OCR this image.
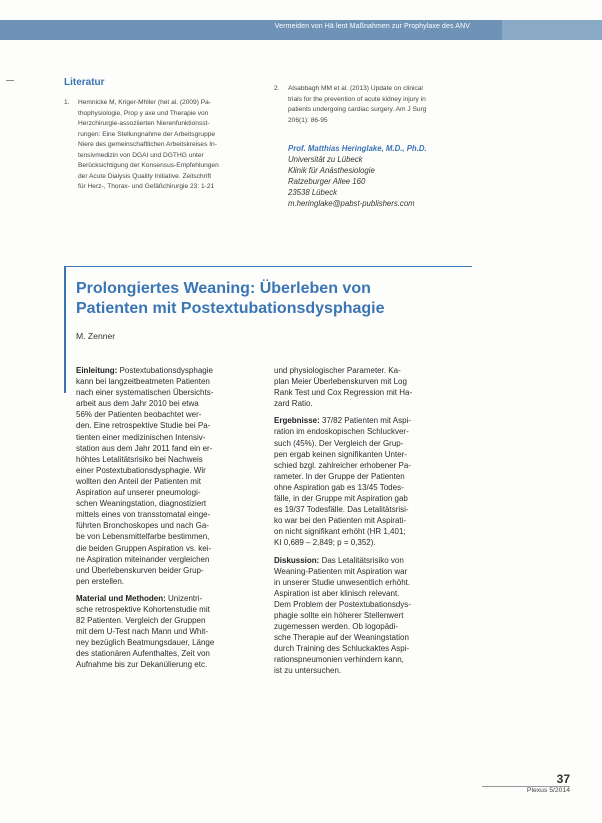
Vermeiden von Hä lent Maßnahmen zur Prophylaxe des ANV
Literatur
1. Hemnicke M, Kriger-Mhller (het al. (2009) Pa-
thophysiologie, Prop y axe und Therapie von
Herzchirurgie-assoziierten Nierenfunktionsst-
rungen: Eine Stellungnahme der Arbeitsgruppe
Niere des gemeinschaftlichen Arbeitskreises In-
tensivmedizin von DGAI und DGTHG unter
Berücksichtigung der Konsensus-Empfehlungen
der Acute Dialysis Quality Initiative. Zeitschrift
für Herz-, Thorax- und Gefäßchirurgie 23: 1-21
2. Alsabbagh MM et al. (2013) Update on clinical
trials for the prevention of acute kidney injury in
patients undergoing cardiac surgery. Am J Surg
206(1): 86-95
Prof. Matthias Heringlake, M.D., Ph.D.
Universität zu Lübeck
Klinik für Anästhesiologie
Ratzeburger Allee 160
23538 Lübeck
m.heringlake@pabst-publishers.com
Prolongiertes Weaning: Überleben von
Patienten mit Postextubationsdysphagie
M. Zenner
Einleitung: Postextubationsdysphagie
kann bei langzeitbeatmeten Patienten
nach einer systematischen Übersichts-
arbeit aus dem Jahr 2010 bei etwa
56% der Patienten beobachtet wer-
den. Eine retrospektive Studie bei Pa-
tienten einer medizinischen Intensiv-
station aus dem Jahr 2011 fand ein er-
höhtes Letalitätsrisiko bei Nachweis
einer Postextubationsdysphagie. Wir
wollten den Anteil der Patienten mit
Aspiration auf unserer pneumologi-
schen Weaningstation, diagnostiziert
mittels eines von transstomatal einge-
führten Bronchoskopes und nach Ga-
be von Lebensmittelfarbe bestimmen,
die beiden Gruppen Aspiration vs. kei-
ne Aspiration miteinander vergleichen
und Überlebenskurven beider Grup-
pen erstellen.
Material und Methoden: Unizentri-
sche retrospektive Kohortenstudie mit
82 Patienten. Vergleich der Gruppen
mit dem U-Test nach Mann und Whit-
ney bezüglich Beatmungsdauer, Länge
des stationären Aufenthaltes, Zeit von
Aufnahme bis zur Dekanülierung etc.
und physiologischer Parameter. Ka-
plan Meier Überlebenskurven mit Log
Rank Test und Cox Regression mit Ha-
zard Ratio.
Ergebnisse: 37/82 Patienten mit Aspi-
ration im endoskopischen Schluckver-
such (45%). Der Vergleich der Grup-
pen ergab keinen signifikanten Unter-
schied bzgl. zahlreicher erhobener Pa-
rameter. In der Gruppe der Patienten
ohne Aspiration gab es 13/45 Todes-
fälle, in der Gruppe mit Aspiration gab
es 19/37 Todesfälle. Das Letalitätsrisi-
ko war bei den Patienten mit Aspirati-
on nicht signifikant erhöht (HR 1,401;
KI 0,689 – 2,849; p = 0,352).
Diskussion: Das Letalitätsrisiko von
Weaning-Patienten mit Aspiration war
in unserer Studie unwesentlich erhöht.
Aspiration ist aber klinisch relevant.
Dem Problem der Postextubationsdys-
phagie sollte ein höherer Stellenwert
zugemessen werden. Ob logopädi-
sche Therapie auf der Weaningstation
durch Training des Schluckaktes Aspi-
rationspneumonien verhindern kann,
ist zu untersuchen.
37
Plexus 5/2014
